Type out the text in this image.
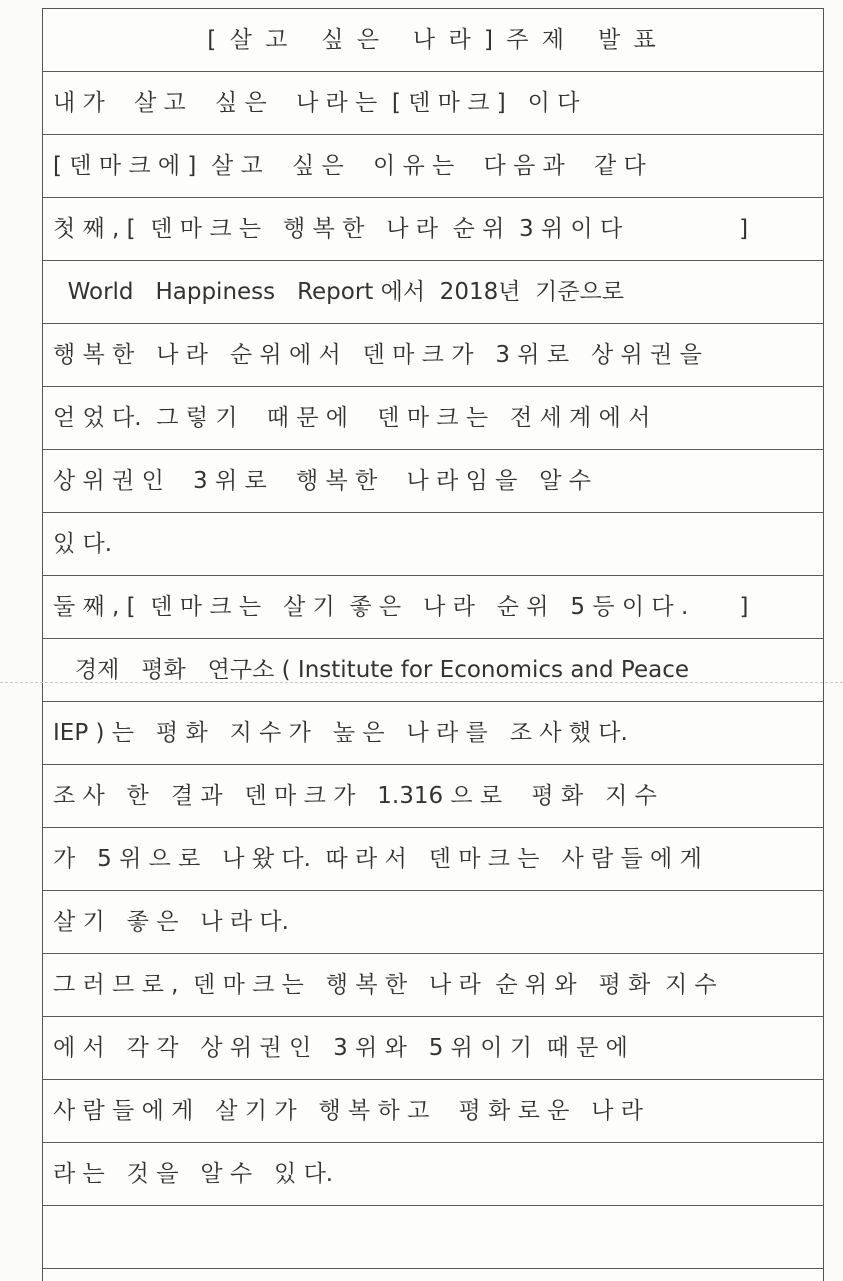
[ 살 고   싶 은   나 라 ] 주 제   발 표
내 가    살 고    싶 은    나 라 는  [ 덴 마 크 ]   이 다
[ 덴 마 크 에 ]  살 고    싶 은    이 유 는    다 음 과    같 다
첫 째 , [  덴 마 크 는   행 복 한   나 라  순 위  3 위 이 다                ]
World   Happiness   Report 에서  2018년  기준으로
행 복 한   나 라   순 위 에 서   덴 마 크 가   3 위 로   상 위 권 을
얻 었 다.  그 렇 기    때 문 에    덴 마 크 는   전 세 계 에 서
상 위 권 인    3 위 로    행 복 한    나 라 임 을   알 수
있 다.
둘 째 , [  덴 마 크 는   살 기  좋 은   나 라   순 위   5 등 이 다 .       ]
경제   평화   연구소 ( Institute for Economics and Peace
IEP ) 는   평 화   지 수 가   높 은   나 라 를   조 사 했 다.
조 사   한   결 과   덴 마 크 가   1.316 으 로    평 화   지 수
가   5 위 으 로   나 왔 다.  따 라 서   덴 마 크 는   사 람 들 에 게
살 기   좋 은   나 라 다.
그 러 므 로 ,  덴 마 크 는   행 복 한   나 라  순 위 와   평 화  지 수
에 서   각 각   상 위 권 인   3 위 와   5 위 이 기  때 문 에
사 람 들 에 게   살 기 가   행 복 하 고    평 화 로 운   나 라
라 는   것 을   알 수   있 다.
